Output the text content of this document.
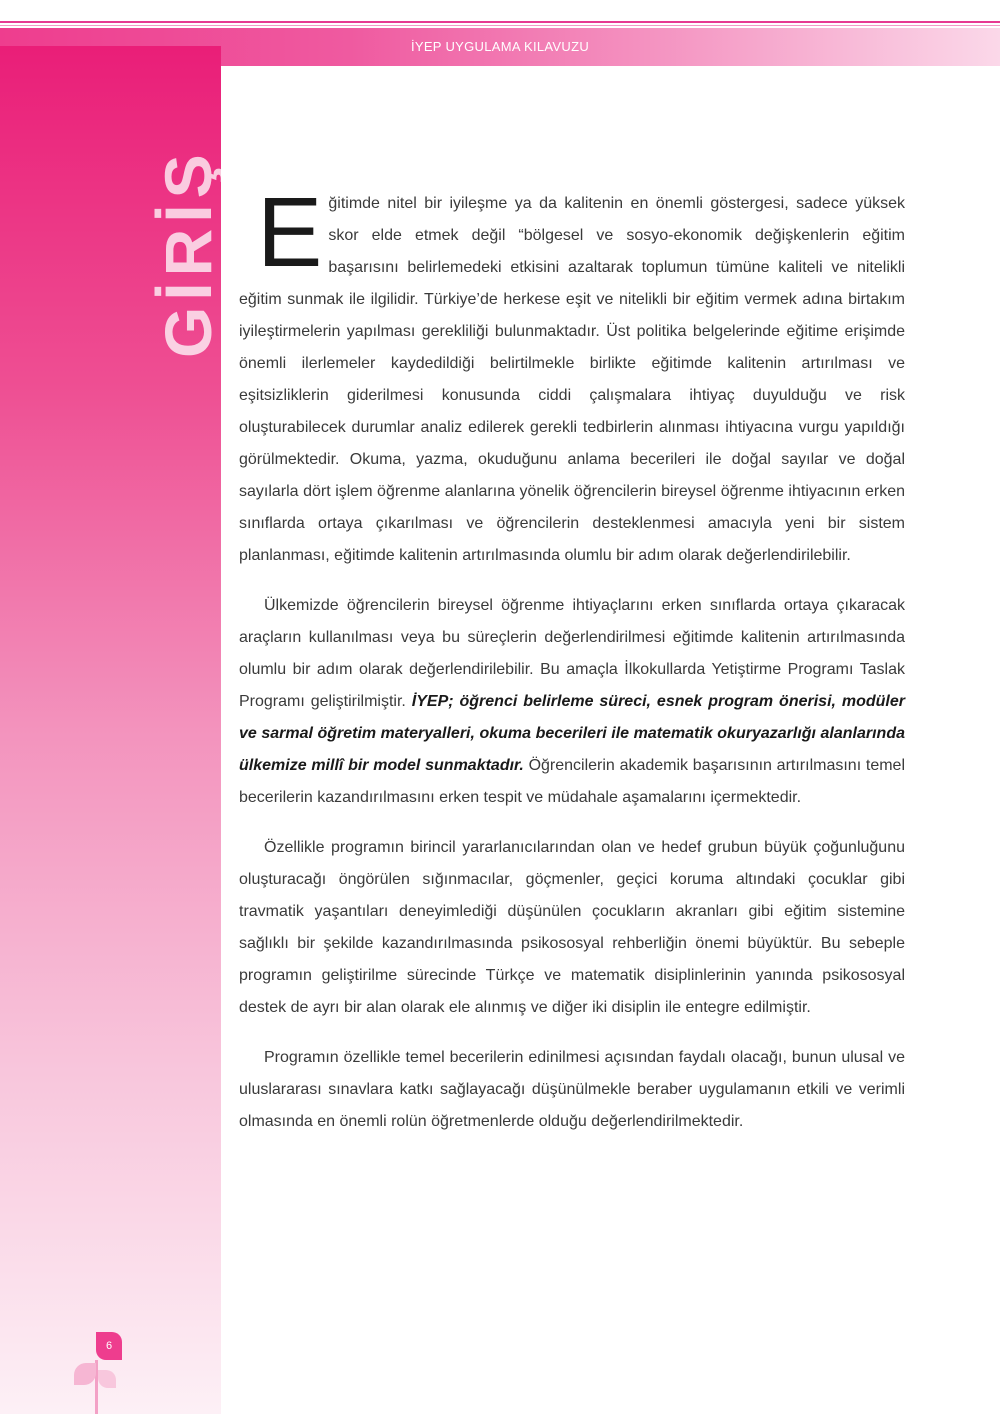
İYEP UYGULAMA KILAVUZU
GİRİŞ Eğitimde nitel bir iyileşme ya da kalitenin en önemli göstergesi, sadece yüksek skor elde etmek değil “bölgesel ve sosyo-ekonomik değişkenlerin eğitim başarısını belirlemedeki etkisini azaltarak toplumun tümüne kaliteli ve nitelikli eğitim sunmak ile ilgilidir. Türkiye’de herkese eşit ve nitelikli bir eğitim vermek adına birtakım iyileştirmelerin yapılması gerekliliği bulunmaktadır. Üst politika belgelerinde eğitime erişimde önemli ilerlemeler kaydedildiği belirtilmekle birlikte eğitimde kalitenin artırılması ve eşitsizliklerin giderilmesi konusunda ciddi çalışmalara ihtiyaç duyulduğu ve risk oluşturabilecek durumlar analiz edilerek gerekli tedbirlerin alınması ihtiyacına vurgu yapıldığı görülmektedir. Okuma, yazma, okuduğunu anlama becerileri ile doğal sayılar ve doğal sayılarla dört işlem öğrenme alanlarına yönelik öğrencilerin bireysel öğrenme ihtiyacının erken sınıflarda ortaya çıkarılması ve öğrencilerin desteklenmesi amacıyla yeni bir sistem planlanması, eğitimde kalitenin artırılmasında olumlu bir adım olarak değerlendirilebilir.

Ülkemizde öğrencilerin bireysel öğrenme ihtiyaçlarını erken sınıflarda ortaya çıkaracak araçların kullanılması veya bu süreçlerin değerlendirilmesi eğitimde kalitenin artırılmasında olumlu bir adım olarak değerlendirilebilir. Bu amaçla İlkokullarda Yetiştirme Programı Taslak Programı geliştirilmiştir. İYEP; öğrenci belirleme süreci, esnek program önerisi, modüler ve sarmal öğretim materyalleri, okuma becerileri ile matematik okuryazarlığı alanlarında ülkemize millî bir model sunmaktadır. Öğrencilerin akademik başarısının artırılmasını temel becerilerin kazandırılmasını erken tespit ve müdahale aşamalarını içermektedir.

Özellikle programın birincil yararlanıcılarından olan ve hedef grubun büyük çoğunluğunu oluşturacağı öngörülen sığınmacılar, göçmenler, geçici koruma altındaki çocuklar gibi travmatik yaşantıları deneyimlediği düşünülen çocukların akranları gibi eğitim sistemine sağlıklı bir şekilde kazandırılmasında psikososyal rehberliğin önemi büyüktür. Bu sebeple programın geliştirilme sürecinde Türkçe ve matematik disiplinlerinin yanında psikososyal destek de ayrı bir alan olarak ele alınmış ve diğer iki disiplin ile entegre edilmiştir.

Programın özellikle temel becerilerin edinilmesi açısından faydalı olacağı, bunun ulusal ve uluslararası sınavlara katkı sağlayacağı düşünülmekle beraber uygulamanın etkili ve verimli olmasında en önemli rolün öğretmenlerde olduğu değerlendirilmektedir.

6
